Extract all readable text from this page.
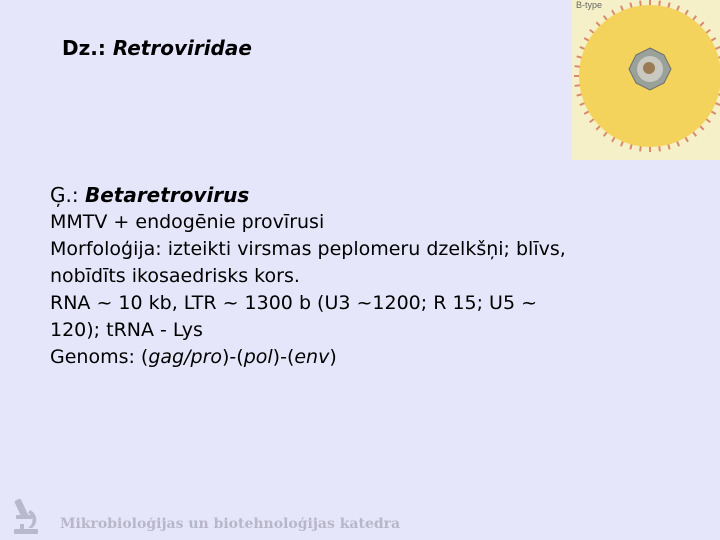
Dz.: Retroviridae
B-type

Ģ.: Betaretrovirus

MMTV + endogēnie provīrusi

Morfoloģija: izteikti virsmas peplomeru dzelkšņi; blīvs,

nobīdīts ikosaedrisks kors.

RNA ~ 10 kb, LTR ~ 1300 b (U3 ~1200; R 15; U5 ~

120); tRNA - Lys

Genoms: (gag/pro)-(pol)-(env)

Mikrobioloģijas un biotehnoloģijas katedra
